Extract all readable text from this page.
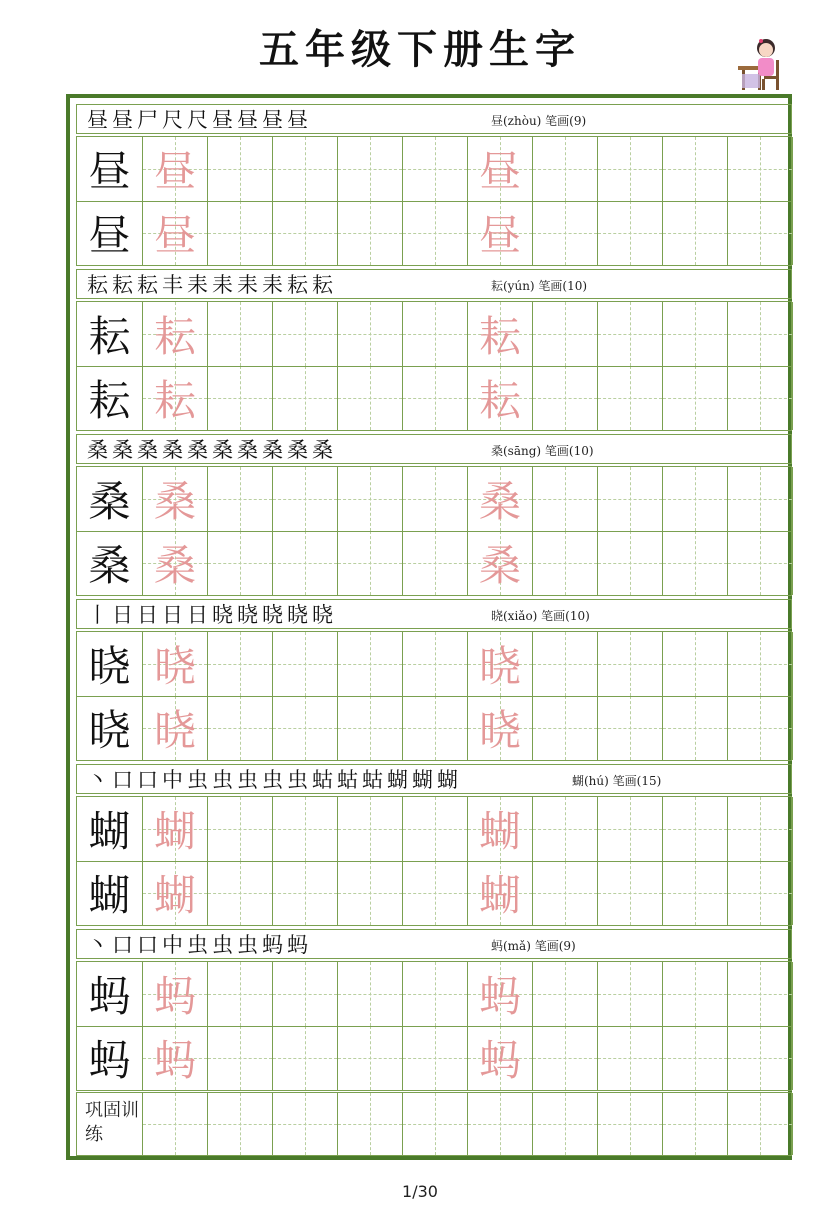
五年级下册生字
昼 昼 尸 尺 尺 昼 昼 昼 昼	昼(zhòu) 笔画(9)
昼 昼	昼
昼 昼	昼
耘 耘 耘 丰 耒 耒 耒 耒 耘 耘	耘(yún) 笔画(10)
耘 耘	耘
耘 耘	耘
桑 桑 桑 桑 桑 桑 桑 桑 桑 桑	桑(sāng) 笔画(10)
桑 桑	桑
桑 桑	桑
丨 日 日 日 日 晓 晓 晓 晓 晓	晓(xiǎo) 笔画(10)
晓 晓	晓
晓 晓	晓
丶 口 口 中 虫 虫 虫 虫 虫 蛄 蛄 蛄 蝴 蝴 蝴	蝴(hú) 笔画(15)
蝴 蝴	蝴
蝴 蝴	蝴
丶 口 口 中 虫 虫 虫 蚂 蚂	蚂(mǎ) 笔画(9)
蚂 蚂	蚂
蚂 蚂	蚂
巩固训练
1/30
